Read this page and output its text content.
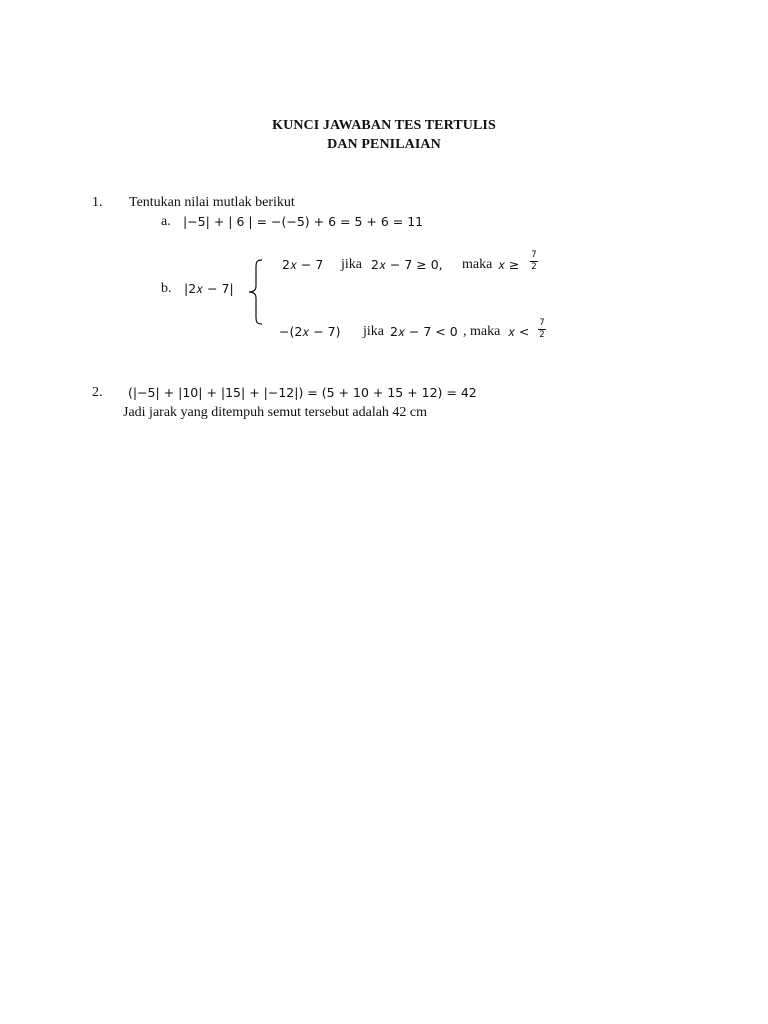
KUNCI JAWABAN TES TERTULIS
DAN PENILAIAN
1. Tentukan nilai mutlak berikut
a. |−5| + | 6 | = −(−5) + 6 = 5 + 6 = 11
b. |2𝑥 − 7|
2𝑥 − 7 jika 2𝑥 − 7 ≥ 0, maka 𝑥 ≥
7
2
−(2𝑥 − 7) jika 2𝑥 − 7 < 0 , maka 𝑥 <
7
2
2. (|−5| + |10| + |15| + |−12|) = (5 + 10 + 15 + 12) = 42
Jadi jarak yang ditempuh semut tersebut adalah 42 cm
